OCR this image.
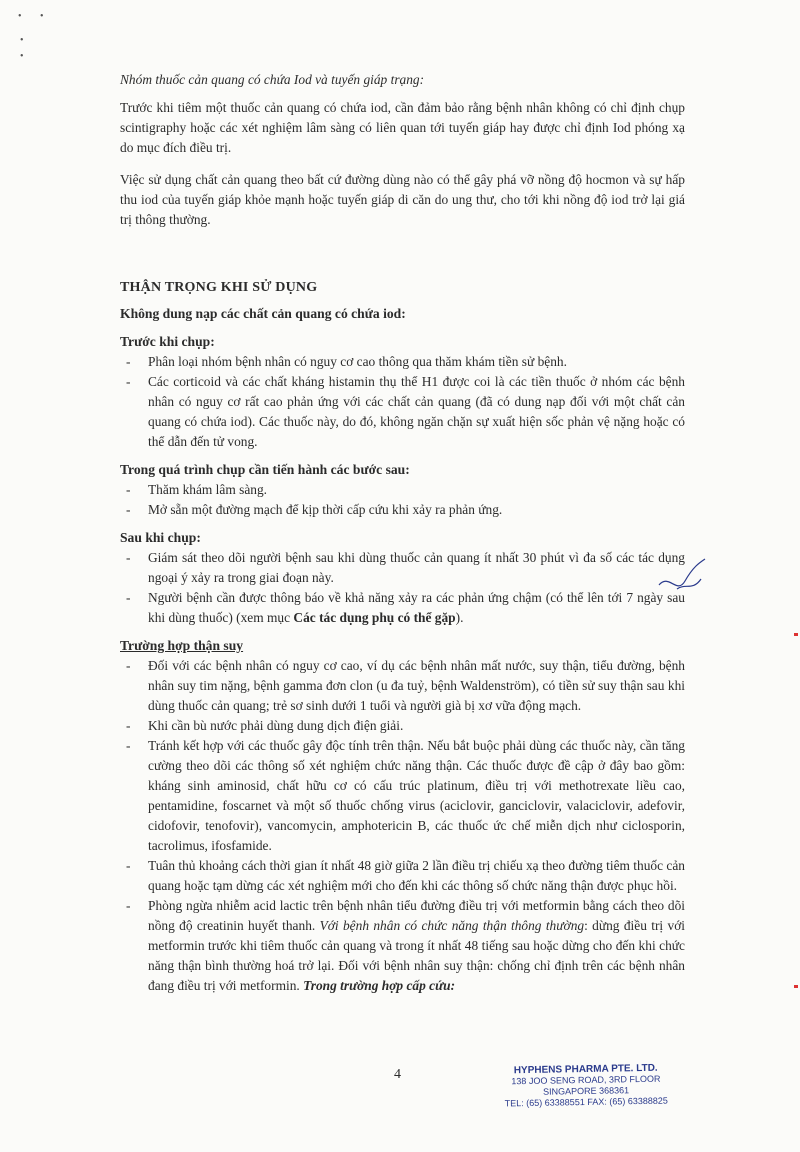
•	•
•
•

Nhóm thuốc cản quang có chứa Iod và tuyến giáp trạng:

Trước khi tiêm một thuốc cản quang có chứa iod, cần đảm bảo rằng bệnh nhân không có chỉ định chụp scintigraphy hoặc các xét nghiệm lâm sàng có liên quan tới tuyến giáp hay được chỉ định Iod phóng xạ do mục đích điều trị.

Việc sử dụng chất cản quang theo bất cứ đường dùng nào có thể gây phá vỡ nồng độ hocmon và sự hấp thu iod của tuyến giáp khỏe mạnh hoặc tuyến giáp di căn do ung thư, cho tới khi nồng độ iod trở lại giá trị thông thường.

THẬN TRỌNG KHI SỬ DỤNG
Không dung nạp các chất cản quang có chứa iod:
Trước khi chụp:
- Phân loại nhóm bệnh nhân có nguy cơ cao thông qua thăm khám tiền sử bệnh.
- Các corticoid và các chất kháng histamin thụ thể H1 được coi là các tiền thuốc ở nhóm các bệnh nhân có nguy cơ rất cao phản ứng với các chất cản quang (đã có dung nạp đối với một chất cản quang có chứa iod). Các thuốc này, do đó, không ngăn chặn sự xuất hiện sốc phản vệ nặng hoặc có thể dẫn đến tử vong.
Trong quá trình chụp cần tiến hành các bước sau:
- Thăm khám lâm sàng.
- Mở sẵn một đường mạch để kịp thời cấp cứu khi xảy ra phản ứng.
Sau khi chụp:
- Giám sát theo dõi người bệnh sau khi dùng thuốc cản quang ít nhất 30 phút vì đa số các tác dụng ngoại ý xảy ra trong giai đoạn này.
- Người bệnh cần được thông báo về khả năng xảy ra các phản ứng chậm (có thể lên tới 7 ngày sau khi dùng thuốc) (xem mục Các tác dụng phụ có thể gặp).
Trường hợp thận suy
- Đối với các bệnh nhân có nguy cơ cao, ví dụ các bệnh nhân mất nước, suy thận, tiểu đường, bệnh nhân suy tim nặng, bệnh gamma đơn clon (u đa tuỷ, bệnh Waldenström), có tiền sử suy thận sau khi dùng thuốc cản quang; trẻ sơ sinh dưới 1 tuổi và người già bị xơ vữa động mạch.
- Khi cần bù nước phải dùng dung dịch điện giải.
- Tránh kết hợp với các thuốc gây độc tính trên thận. Nếu bắt buộc phải dùng các thuốc này, cần tăng cường theo dõi các thông số xét nghiệm chức năng thận. Các thuốc được đề cập ở đây bao gồm: kháng sinh aminosid, chất hữu cơ có cấu trúc platinum, điều trị với methotrexate liều cao, pentamidine, foscarnet và một số thuốc chống virus (aciclovir, ganciclovir, valaciclovir, adefovir, cidofovir, tenofovir), vancomycin, amphotericin B, các thuốc ức chế miễn dịch như ciclosporin, tacrolimus, ifosfamide.
- Tuân thủ khoảng cách thời gian ít nhất 48 giờ giữa 2 lần điều trị chiếu xạ theo đường tiêm thuốc cản quang hoặc tạm dừng các xét nghiệm mới cho đến khi các thông số chức năng thận được phục hồi.
- Phòng ngừa nhiễm acid lactic trên bệnh nhân tiểu đường điều trị với metformin bằng cách theo dõi nồng độ creatinin huyết thanh. Với bệnh nhân có chức năng thận thông thường: dừng điều trị với metformin trước khi tiêm thuốc cản quang và trong ít nhất 48 tiếng sau hoặc dừng cho đến khi chức năng thận bình thường hoá trở lại. Đối với bệnh nhân suy thận: chống chỉ định trên các bệnh nhân đang điều trị với metformin. Trong trường hợp cấp cứu:
4	HYPHENS PHARMA PTE. LTD.
138 JOO SENG ROAD, 3RD FLOOR
SINGAPORE 368361
TEL: (65) 63388551 FAX: (65) 63388825
